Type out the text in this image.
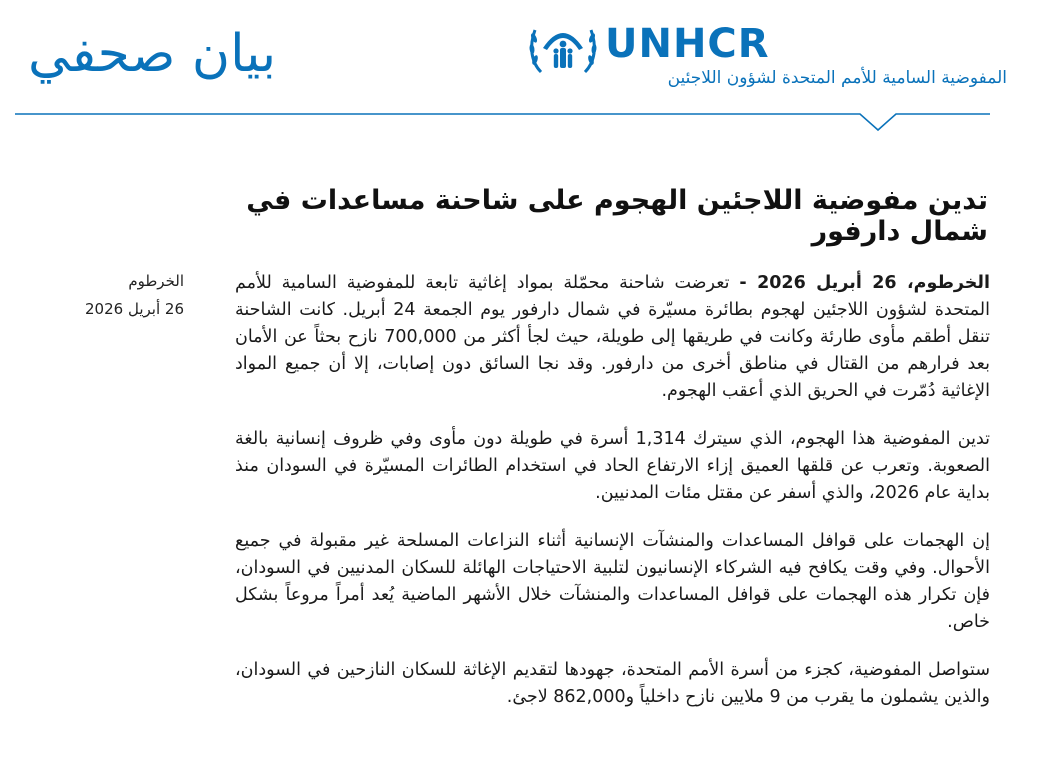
بيان صحفي	UNHCR
المفوضية السامية للأمم المتحدة لشؤون اللاجئين
تدين مفوضية اللاجئين الهجوم على شاحنة مساعدات في شمال دارفور
الخرطوم
26 أبريل 2026

الخرطوم، 26 أبريل 2026 - تعرضت شاحنة محمّلة بمواد إغاثية تابعة للمفوضية السامية للأمم المتحدة لشؤون اللاجئين لهجوم بطائرة مسيّرة في شمال دارفور يوم الجمعة 24 أبريل. كانت الشاحنة تنقل أطقم مأوى طارئة وكانت في طريقها إلى طويلة، حيث لجأ أكثر من 700,000 نازح بحثاً عن الأمان بعد فرارهم من القتال في مناطق أخرى من دارفور. وقد نجا السائق دون إصابات، إلا أن جميع المواد الإغاثية دُمّرت في الحريق الذي أعقب الهجوم.

تدين المفوضية هذا الهجوم، الذي سيترك 1,314 أسرة في طويلة دون مأوى وفي ظروف إنسانية بالغة الصعوبة. وتعرب عن قلقها العميق إزاء الارتفاع الحاد في استخدام الطائرات المسيّرة في السودان منذ بداية عام 2026، والذي أسفر عن مقتل مئات المدنيين.

إن الهجمات على قوافل المساعدات والمنشآت الإنسانية أثناء النزاعات المسلحة غير مقبولة في جميع الأحوال. وفي وقت يكافح فيه الشركاء الإنسانيون لتلبية الاحتياجات الهائلة للسكان المدنيين في السودان، فإن تكرار هذه الهجمات على قوافل المساعدات والمنشآت خلال الأشهر الماضية يُعد أمراً مروعاً بشكل خاص.

ستواصل المفوضية، كجزء من أسرة الأمم المتحدة، جهودها لتقديم الإغاثة للسكان النازحين في السودان، والذين يشملون ما يقرب من 9 ملايين نازح داخلياً و862,000 لاجئ.
